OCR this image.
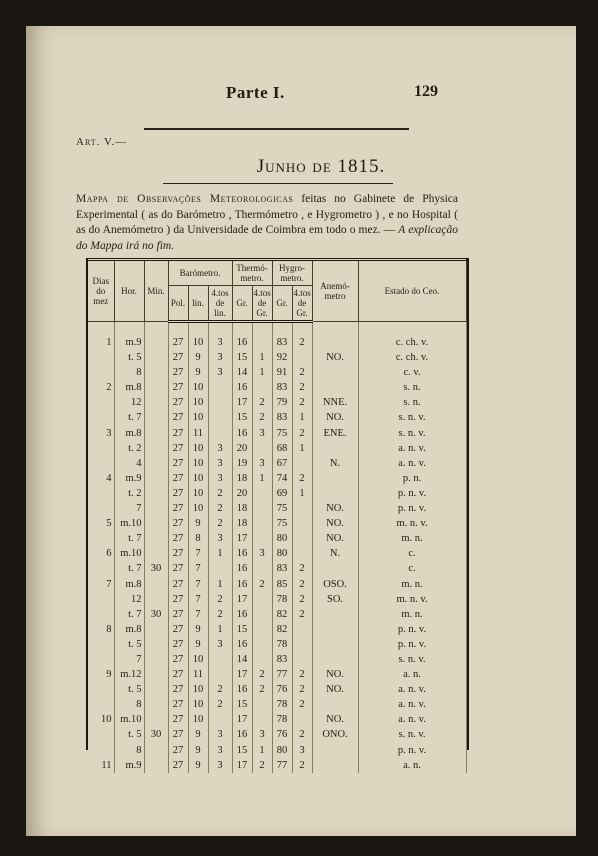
Parte I.	129
Art. V.—
Junho de 1815.
Mappa de Observações Meteorologicas feitas no Gabinete de Physica Experimental ( as do Barómetro , Thermómetro , e Hygrometro ) , e no Hospital ( as do Anemómetro ) da Universidade de Coimbra em todo o mez. — A explicação do Mappa irá no fim.
Dias do mez	Hor.	Min.	Barómetro.			Thermó-metro.		Hygro-metro.		Anemó-metro	Estado do Ceo.
			Pol.	lin.	4.tos de lin.	Gr.	4.tos de Gr.	Gr.	4.tos de Gr.		

1	m.9		27	10	3	16		83	2		c. ch. v.
	t. 5		27	9	3	15	1	92		NO.	c. ch. v.
	8		27	9	3	14	1	91	2		c. v.
2	m.8		27	10		16		83	2		s. n.
	12		27	10		17	2	79	2	NNE.	s. n.
	t. 7		27	10		15	2	83	1	NO.	s. n. v.
3	m.8		27	11		16	3	75	2	ENE.	s. n. v.
	t. 2		27	10	3	20		68	1		a. n. v.
	4		27	10	3	19	3	67		N.	a. n. v.
4	m.9		27	10	3	18	1	74	2		p. n.
	t. 2		27	10	2	20		69	1		p. n. v.
	7		27	10	2	18		75		NO.	p. n. v.
5	m.10		27	9	2	18		75		NO.	m. n. v.
	t. 7		27	8	3	17		80		NO.	m. n.
6	m.10		27	7	1	16	3	80		N.	c.
	t. 7	30	27	7		16		83	2		c.
7	m.8		27	7	1	16	2	85	2	OSO.	m. n.
	12		27	7	2	17		78	2	SO.	m. n. v.
	t. 7	30	27	7	2	16		82	2		m. n.
8	m.8		27	9	1	15		82			p. n. v.
	t. 5		27	9	3	16		78			p. n. v.
	7		27	10		14		83			s. n. v.
9	m.12		27	11		17	2	77	2	NO.	a. n.
	t. 5		27	10	2	16	2	76	2	NO.	a. n. v.
	8		27	10	2	15		78	2		a. n. v.
10	m.10		27	10		17		78		NO.	a. n. v.
	t. 5	30	27	9	3	16	3	76	2	ONO.	s. n. v.
	8		27	9	3	15	1	80	3		p. n. v.
11	m.9		27	9	3	17	2	77	2		a. n.
